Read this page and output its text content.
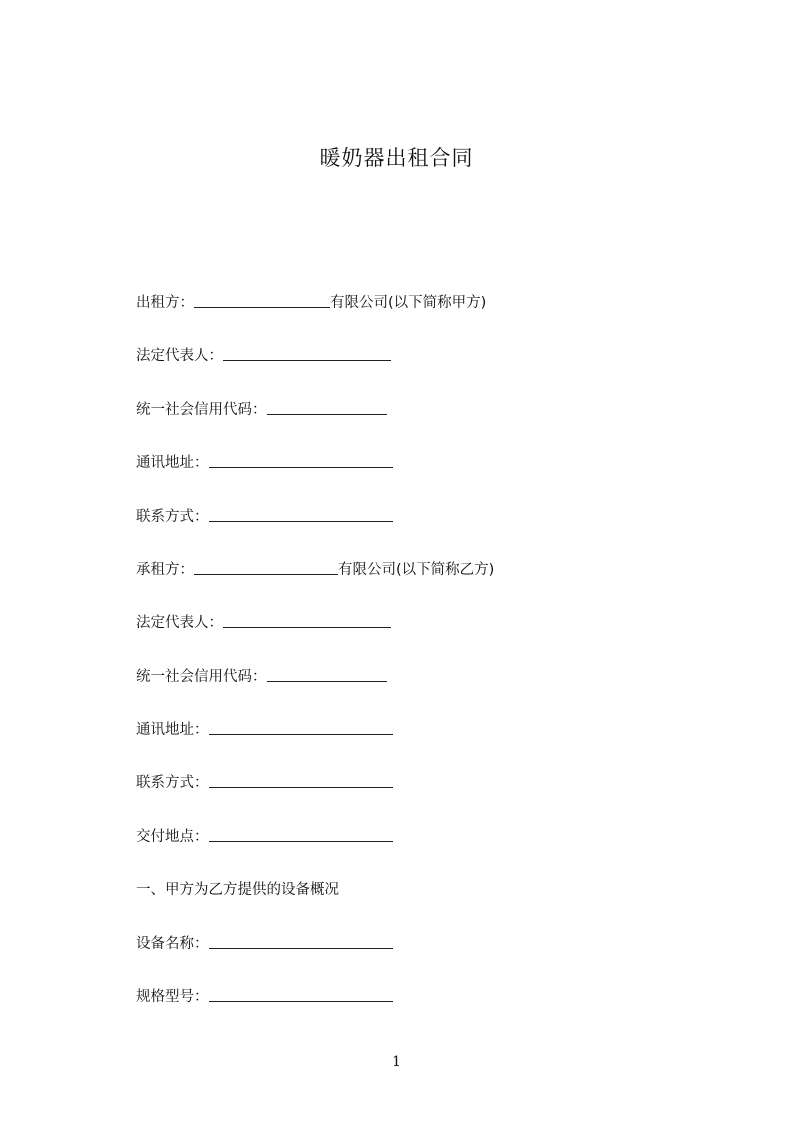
暖奶器出租合同
出租方：	有限公司(以下简称甲方)
法定代表人：
统一社会信用代码：
通讯地址：
联系方式：
承租方：	有限公司(以下简称乙方)
法定代表人：
统一社会信用代码：
通讯地址：
联系方式：
交付地点：
一、甲方为乙方提供的设备概况
设备名称：
规格型号：
1
